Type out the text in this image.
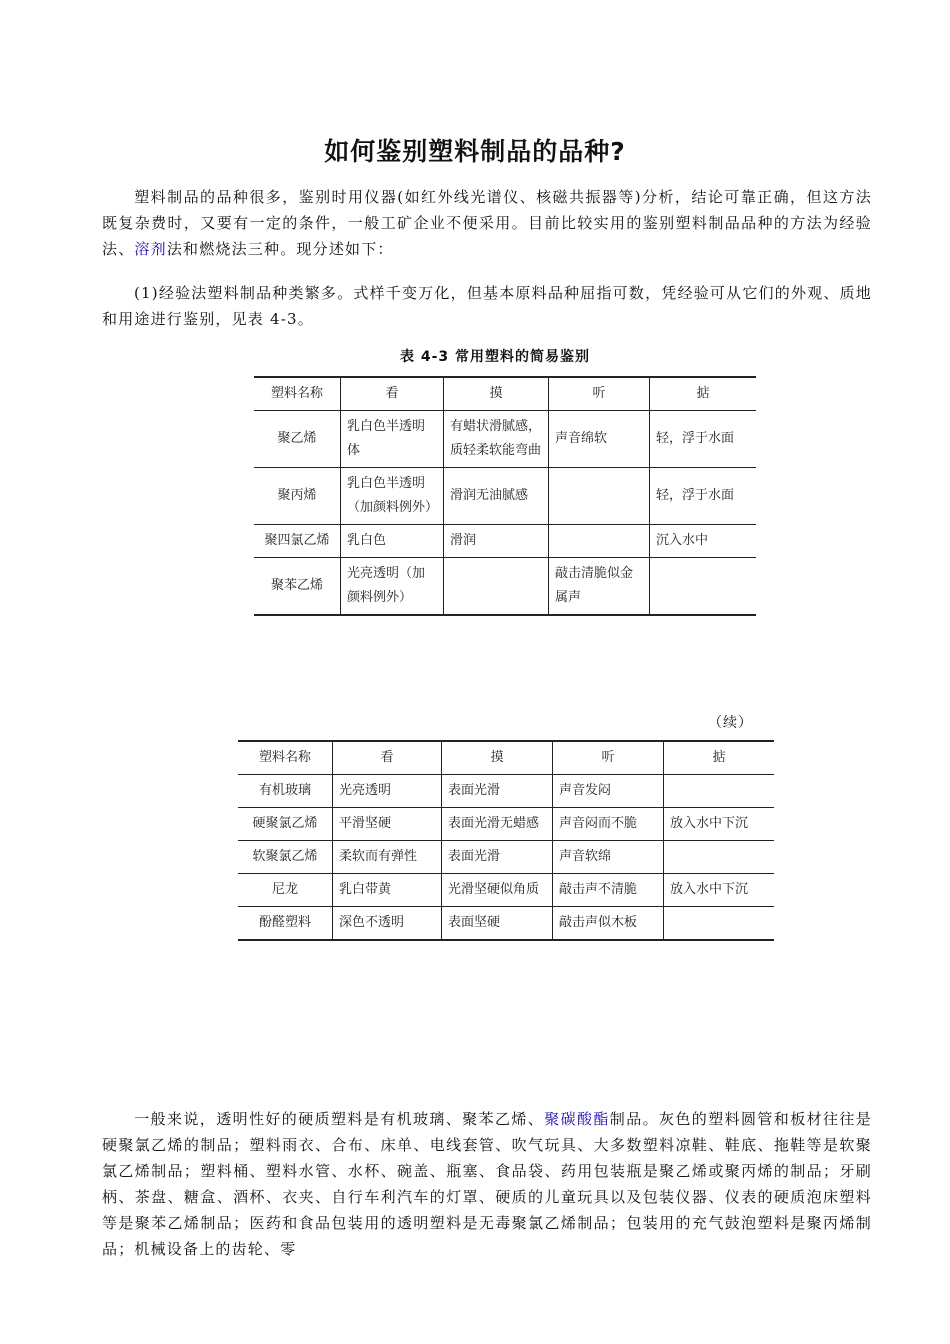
如何鉴别塑料制品的品种?
塑料制品的品种很多，鉴别时用仪器(如红外线光谱仪、核磁共振器等)分析，结论可靠正确，但这方法既复杂费时，又要有一定的条件，一般工矿企业不便采用。目前比较实用的鉴别塑料制品品种的方法为经验法、溶剂法和燃烧法三种。现分述如下：
(1)经验法塑料制品种类繁多。式样千变万化，但基本原料品种屈指可数，凭经验可从它们的外观、质地和用途进行鉴别，见表 4-3。
表 4-3 常用塑料的简易鉴别
塑料名称	看	摸	听	掂
聚乙烯	乳白色半透明体	有蜡状滑腻感，质轻柔软能弯曲	声音绵软	轻，浮于水面
聚丙烯	乳白色半透明（加颜料例外）	滑润无油腻感		轻，浮于水面
聚四氯乙烯	乳白色	滑润		沉入水中
聚苯乙烯	光亮透明（加颜料例外）		敲击清脆似金属声	
（续）
塑料名称	看	摸	听	掂
有机玻璃	光亮透明	表面光滑	声音发闷	
硬聚氯乙烯	平滑坚硬	表面光滑无蜡感	声音闷而不脆	放入水中下沉
软聚氯乙烯	柔软而有弹性	表面光滑	声音软绵	
尼龙	乳白带黄	光滑坚硬似角质	敲击声不清脆	放入水中下沉
酚醛塑料	深色不透明	表面坚硬	敲击声似木板	
一般来说，透明性好的硬质塑料是有机玻璃、聚苯乙烯、聚碳酸酯制品。灰色的塑料圆管和板材往往是硬聚氯乙烯的制品；塑料雨衣、合布、床单、电线套管、吹气玩具、大多数塑料凉鞋、鞋底、拖鞋等是软聚氯乙烯制品；塑料桶、塑料水管、水杯、碗盖、瓶塞、食品袋、药用包装瓶是聚乙烯或聚丙烯的制品；牙刷柄、茶盘、糖盒、酒杯、衣夹、自行车利汽车的灯罩、硬质的儿童玩具以及包装仪器、仪表的硬质泡床塑料等是聚苯乙烯制品；医药和食品包装用的透明塑料是无毒聚氯乙烯制品；包装用的充气鼓泡塑料是聚丙烯制品；机械设备上的齿轮、零
